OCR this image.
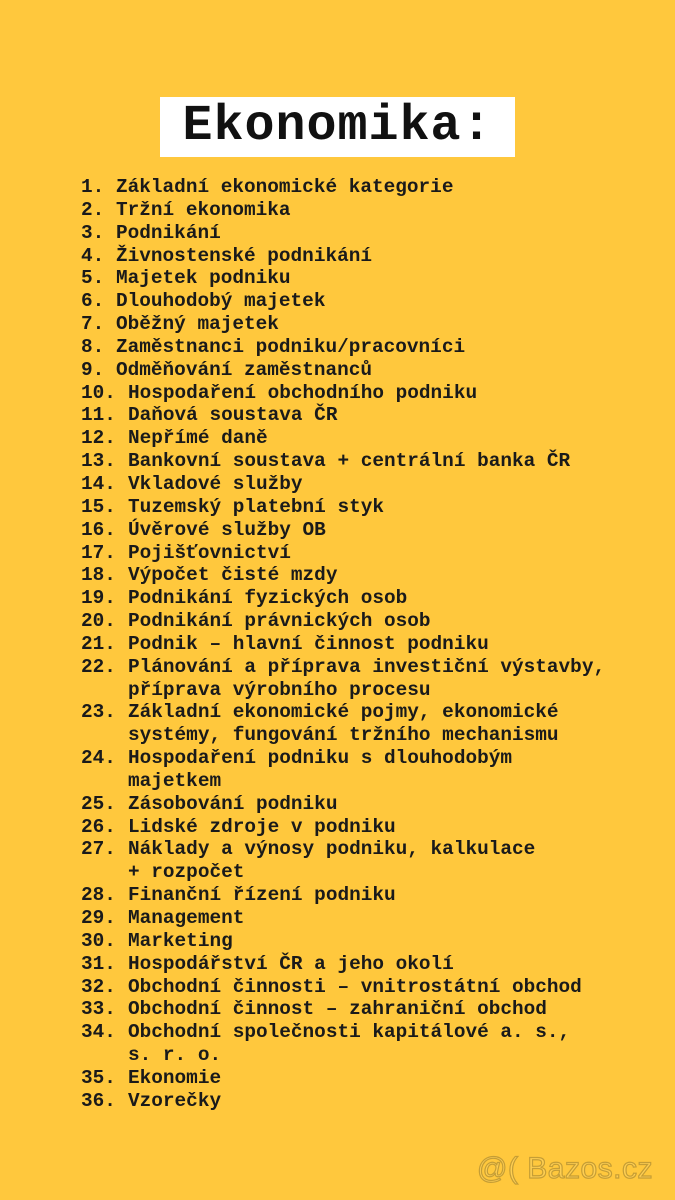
Ekonomika:
1. Základní ekonomické kategorie
2. Tržní ekonomika
3. Podnikání
4. Živnostenské podnikání
5. Majetek podniku
6. Dlouhodobý majetek
7. Oběžný majetek
8. Zaměstnanci podniku/pracovníci
9. Odměňování zaměstnanců
10. Hospodaření obchodního podniku
11. Daňová soustava ČR
12. Nepřímé daně
13. Bankovní soustava + centrální banka ČR
14. Vkladové služby
15. Tuzemský platební styk
16. Úvěrové služby OB
17. Pojišťovnictví
18. Výpočet čisté mzdy
19. Podnikání fyzických osob
20. Podnikání právnických osob
21. Podnik – hlavní činnost podniku
22. Plánování a příprava investiční výstavby,
příprava výrobního procesu
23. Základní ekonomické pojmy, ekonomické
systémy, fungování tržního mechanismu
24. Hospodaření podniku s dlouhodobým
majetkem
25. Zásobování podniku
26. Lidské zdroje v podniku
27. Náklady a výnosy podniku, kalkulace
+ rozpočet
28. Finanční řízení podniku
29. Management
30. Marketing
31. Hospodářství ČR a jeho okolí
32. Obchodní činnosti – vnitrostátní obchod
33. Obchodní činnost – zahraniční obchod
34. Obchodní společnosti kapitálové a. s.,
s. r. o.
35. Ekonomie
36. Vzorečky
@( Bazos.cz
